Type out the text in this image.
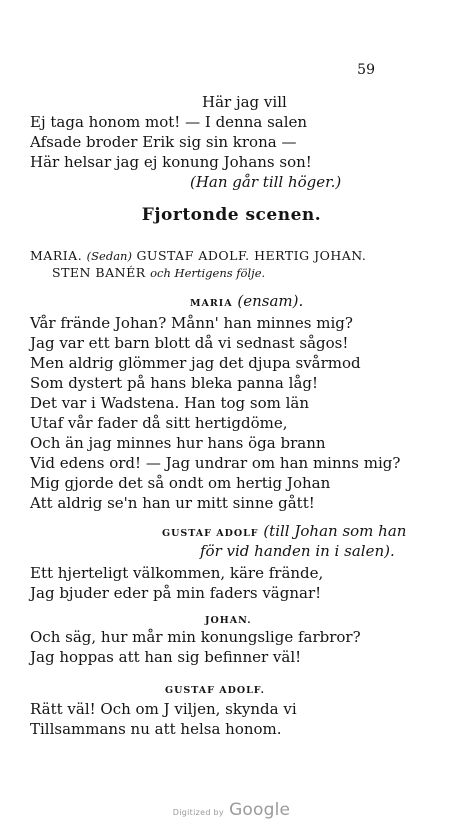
59
Här jag vill
Ej taga honom mot! — I denna salen
Afsade broder Erik sig sin krona —
Här helsar jag ej konung Johans son!
(Han går till höger.)
Fjortonde scenen.
MARIA. (Sedan) GUSTAF ADOLF. HERTIG JOHAN.
STEN BANÉR och Hertigens följe.
MARIA (ensam).
Vår frände Johan? Månn' han minnes mig?
Jag var ett barn blott då vi sednast sågos!
Men aldrig glömmer jag det djupa svårmod
Som dystert på hans bleka panna låg!
Det var i Wadstena. Han tog som län
Utaf vår fader då sitt hertigdöme,
Och än jag minnes hur hans öga brann
Vid edens ord! — Jag undrar om han minns mig?
Mig gjorde det så ondt om hertig Johan
Att aldrig se'n han ur mitt sinne gått!
GUSTAF ADOLF (till Johan som han
för vid handen in i salen).
Ett hjerteligt välkommen, käre frände,
Jag bjuder eder på min faders vägnar!
JOHAN.
Och säg, hur mår min konungslige farbror?
Jag hoppas att han sig befinner väl!
GUSTAF ADOLF.
Rätt väl! Och om J viljen, skynda vi
Tillsammans nu att helsa honom.
Digitized by Google
